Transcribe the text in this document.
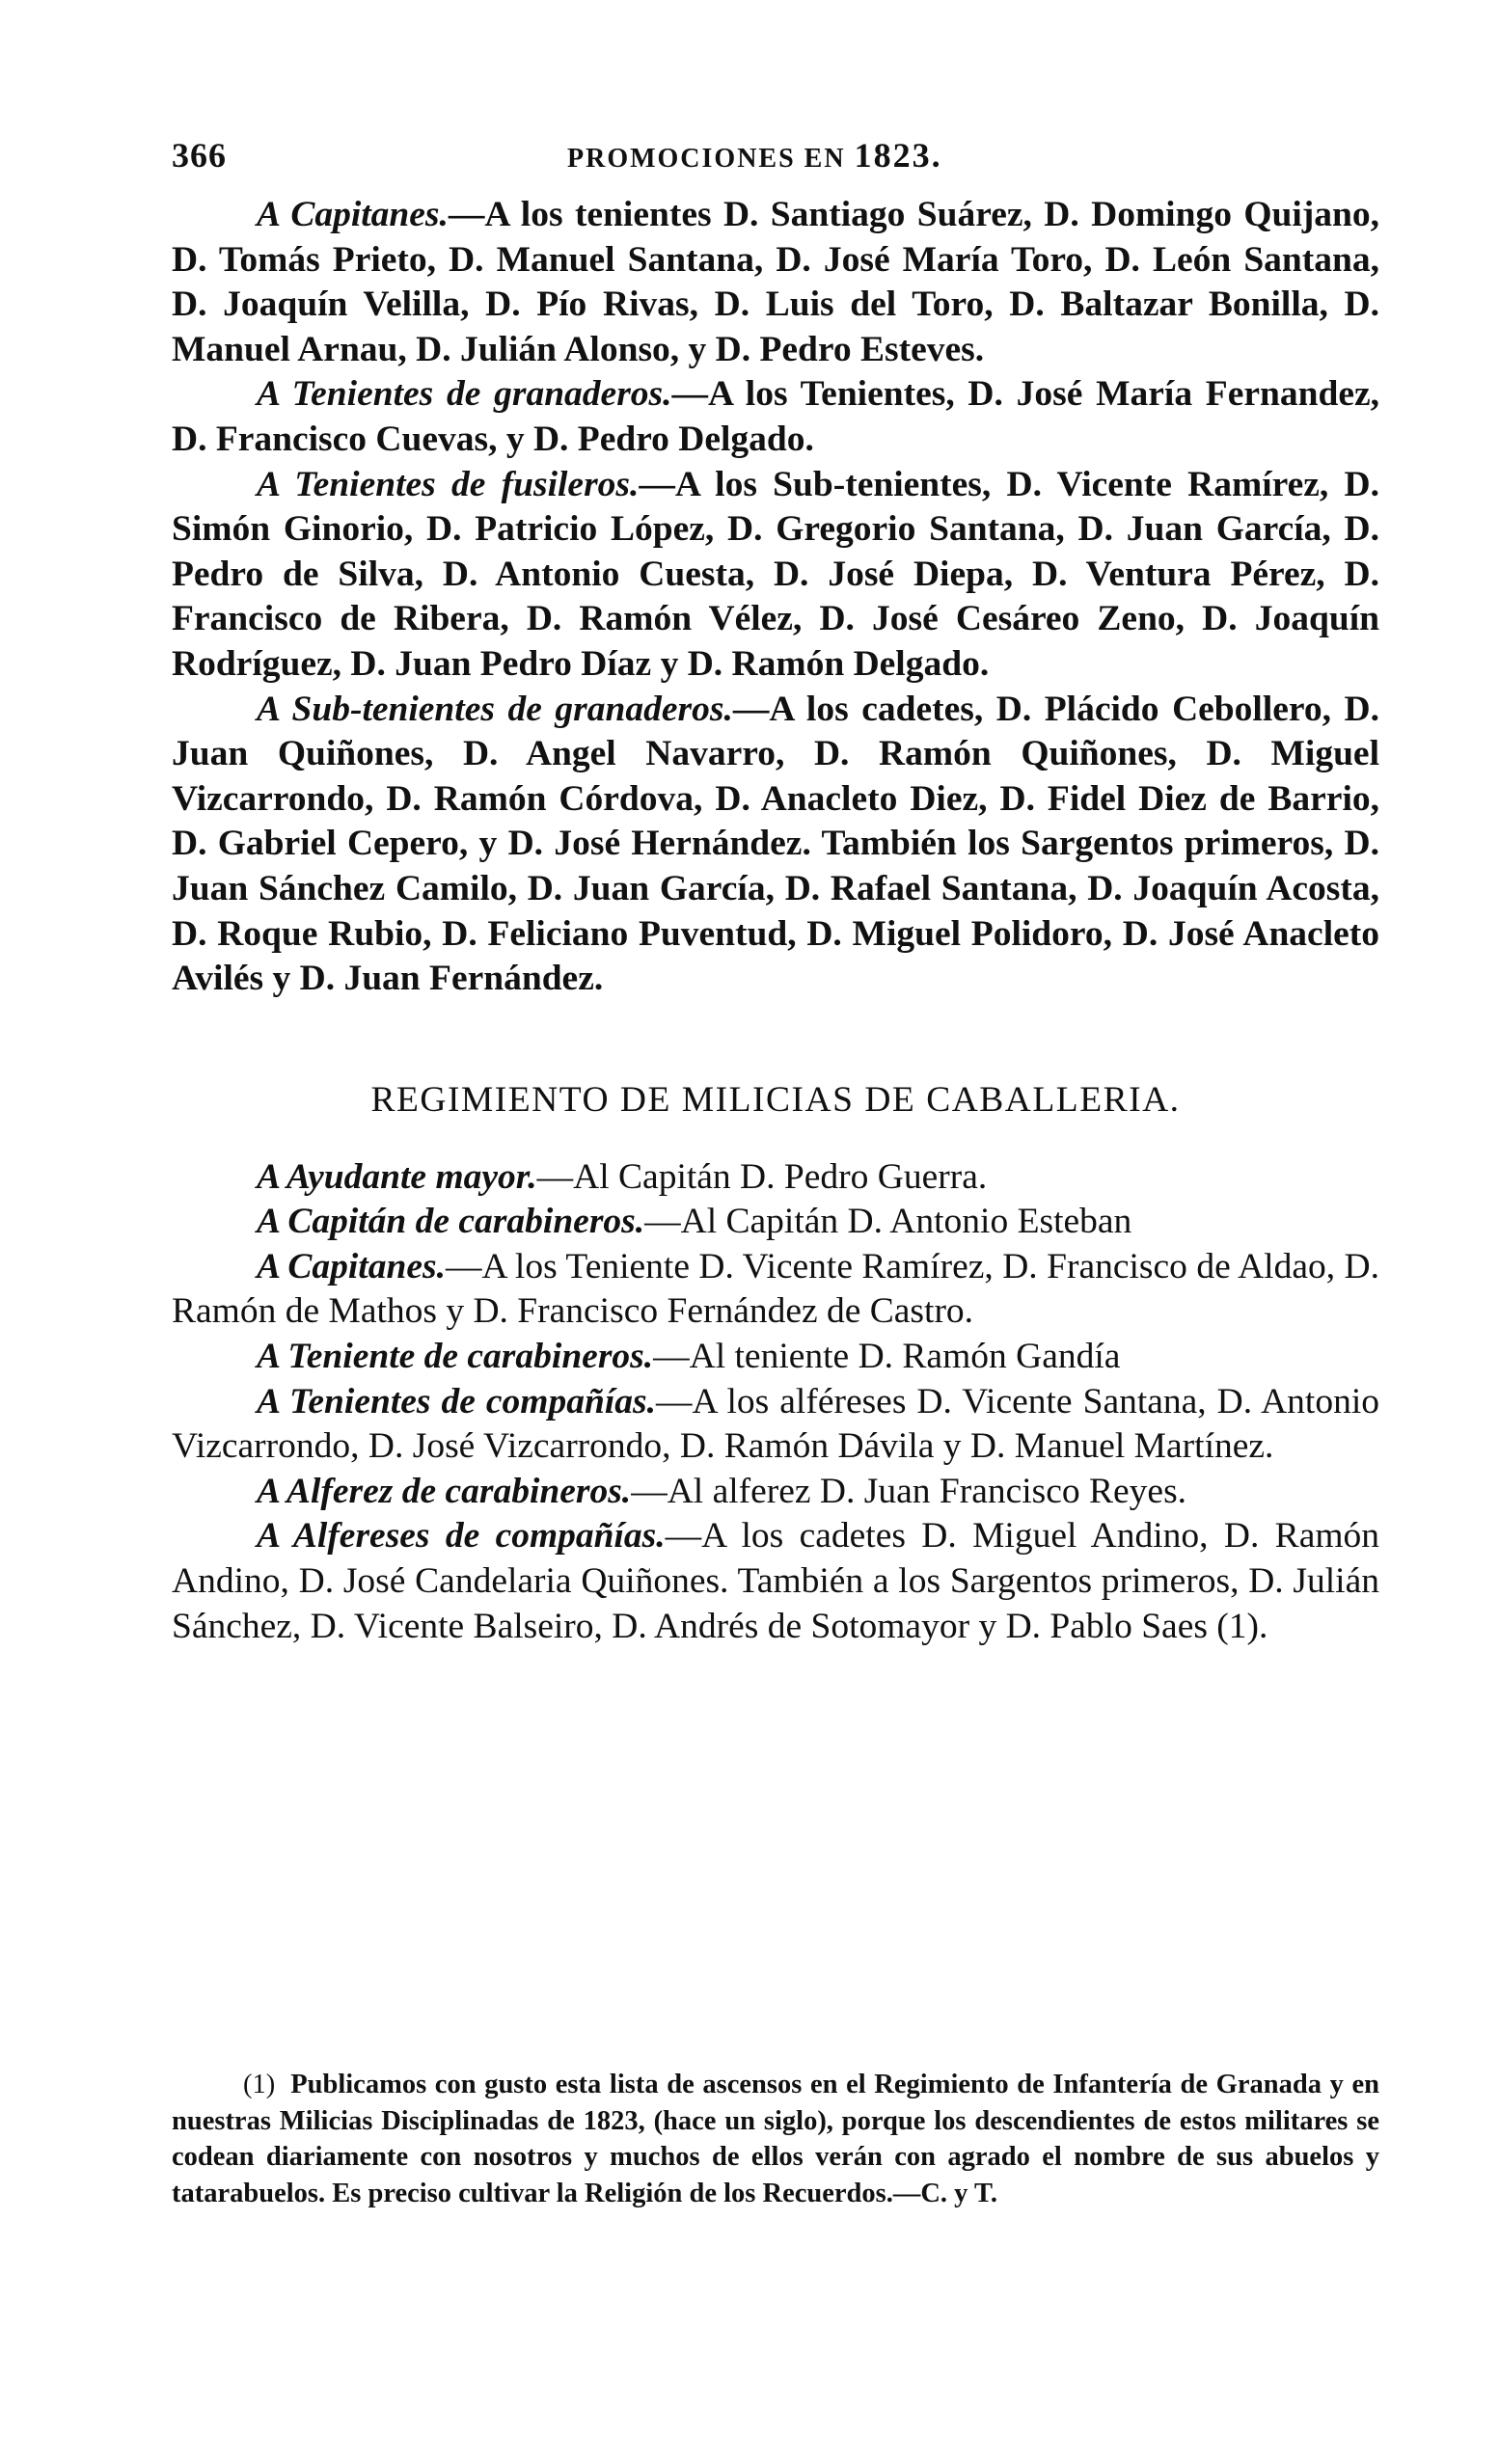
366	PROMOCIONES EN 1823.

A Capitanes.—A los tenientes D. Santiago Suárez, D. Domingo Quijano, D. Tomás Prieto, D. Manuel Santana, D. José María Toro, D. León Santana, D. Joaquín Velilla, D. Pío Rivas, D. Luis del Toro, D. Baltazar Bonilla, D. Manuel Arnau, D. Julián Alonso, y D. Pedro Esteves.

A Tenientes de granaderos.—A los Tenientes, D. José María Fernandez, D. Francisco Cuevas, y D. Pedro Delgado.

A Tenientes de fusileros.—A los Sub-tenientes, D. Vicente Ramírez, D. Simón Ginorio, D. Patricio López, D. Gregorio Santana, D. Juan García, D. Pedro de Silva, D. Antonio Cuesta, D. José Diepa, D. Ventura Pérez, D. Francisco de Ribera, D. Ramón Vélez, D. José Cesáreo Zeno, D. Joaquín Rodríguez, D. Juan Pedro Díaz y D. Ramón Delgado.

A Sub-tenientes de granaderos.—A los cadetes, D. Plácido Cebollero, D. Juan Quiñones, D. Angel Navarro, D. Ramón Quiñones, D. Miguel Vizcarrondo, D. Ramón Córdova, D. Anacleto Diez, D. Fidel Diez de Barrio, D. Gabriel Cepero, y D. José Hernández. También los Sargentos primeros, D. Juan Sánchez Camilo, D. Juan García, D. Rafael Santana, D. Joaquín Acosta, D. Roque Rubio, D. Feliciano Puventud, D. Miguel Polidoro, D. José Anacleto Avilés y D. Juan Fernández.

REGIMIENTO DE MILICIAS DE CABALLERIA.

A Ayudante mayor.—Al Capitán D. Pedro Guerra.

A Capitán de carabineros.—Al Capitán D. Antonio Esteban

A Capitanes.—A los Teniente D. Vicente Ramírez, D. Francisco de Aldao, D. Ramón de Mathos y D. Francisco Fernández de Castro.

A Teniente de carabineros.—Al teniente D. Ramón Gandía

A Tenientes de compañías.—A los alféreses D. Vicente Santana, D. Antonio Vizcarrondo, D. José Vizcarrondo, D. Ramón Dávila y D. Manuel Martínez.

A Alferez de carabineros.—Al alferez D. Juan Francisco Reyes.

A Alfereses de compañías.—A los cadetes D. Miguel Andino, D. Ramón Andino, D. José Candelaria Quiñones. También a los Sargentos primeros, D. Julián Sánchez, D. Vicente Balseiro, D. Andrés de Sotomayor y D. Pablo Saes (1).

(1) Publicamos con gusto esta lista de ascensos en el Regimiento de Infantería de Granada y en nuestras Milicias Disciplinadas de 1823, (hace un siglo), porque los descendientes de estos militares se codean diariamente con nosotros y muchos de ellos verán con agrado el nombre de sus abuelos y tatarabuelos. Es preciso cultivar la Religión de los Recuerdos.—C. y T.
